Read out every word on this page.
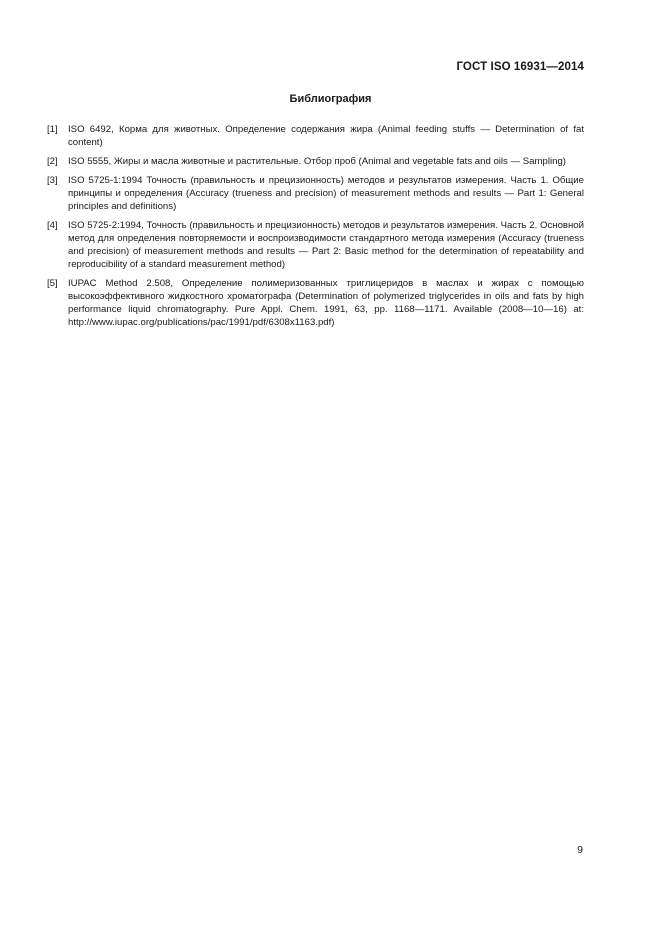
ГОСТ ISO 16931—2014
Библиография
[1]	ISO 6492, Корма для животных. Определение содержания жира (Animal feeding stuffs — Determination of fat content)
[2]	ISO 5555, Жиры и масла животные и растительные. Отбор проб (Animal and vegetable fats and oils — Sampling)
[3]	ISO 5725-1:1994 Точность (правильность и прецизионность) методов и результатов измерения. Часть 1. Общие принципы и определения (Accuracy (trueness and precision) of measurement methods and results — Part 1: General principles and definitions)
[4]	ISO 5725-2:1994, Точность (правильность и прецизионность) методов и результатов измерения. Часть 2. Основной метод для определения повторяемости и воспроизводимости стандартного метода измерения (Accuracy (trueness and precision) of measurement methods and results — Part 2: Basic method for the determination of repeatability and reproducibility of a standard measurement method)
[5]	IUPAC Method 2.508, Определение полимеризованных триглицеридов в маслах и жирах с помощью высокоэффективного жидкостного хроматографа (Determination of polymerized triglycerides in oils and fats by high performance liquid chromatography. Pure Appl. Chem. 1991, 63, pp. 1168—1171. Available (2008—10—16) at: http://www.iupac.org/publications/pac/1991/pdf/6308x1163.pdf)
9
